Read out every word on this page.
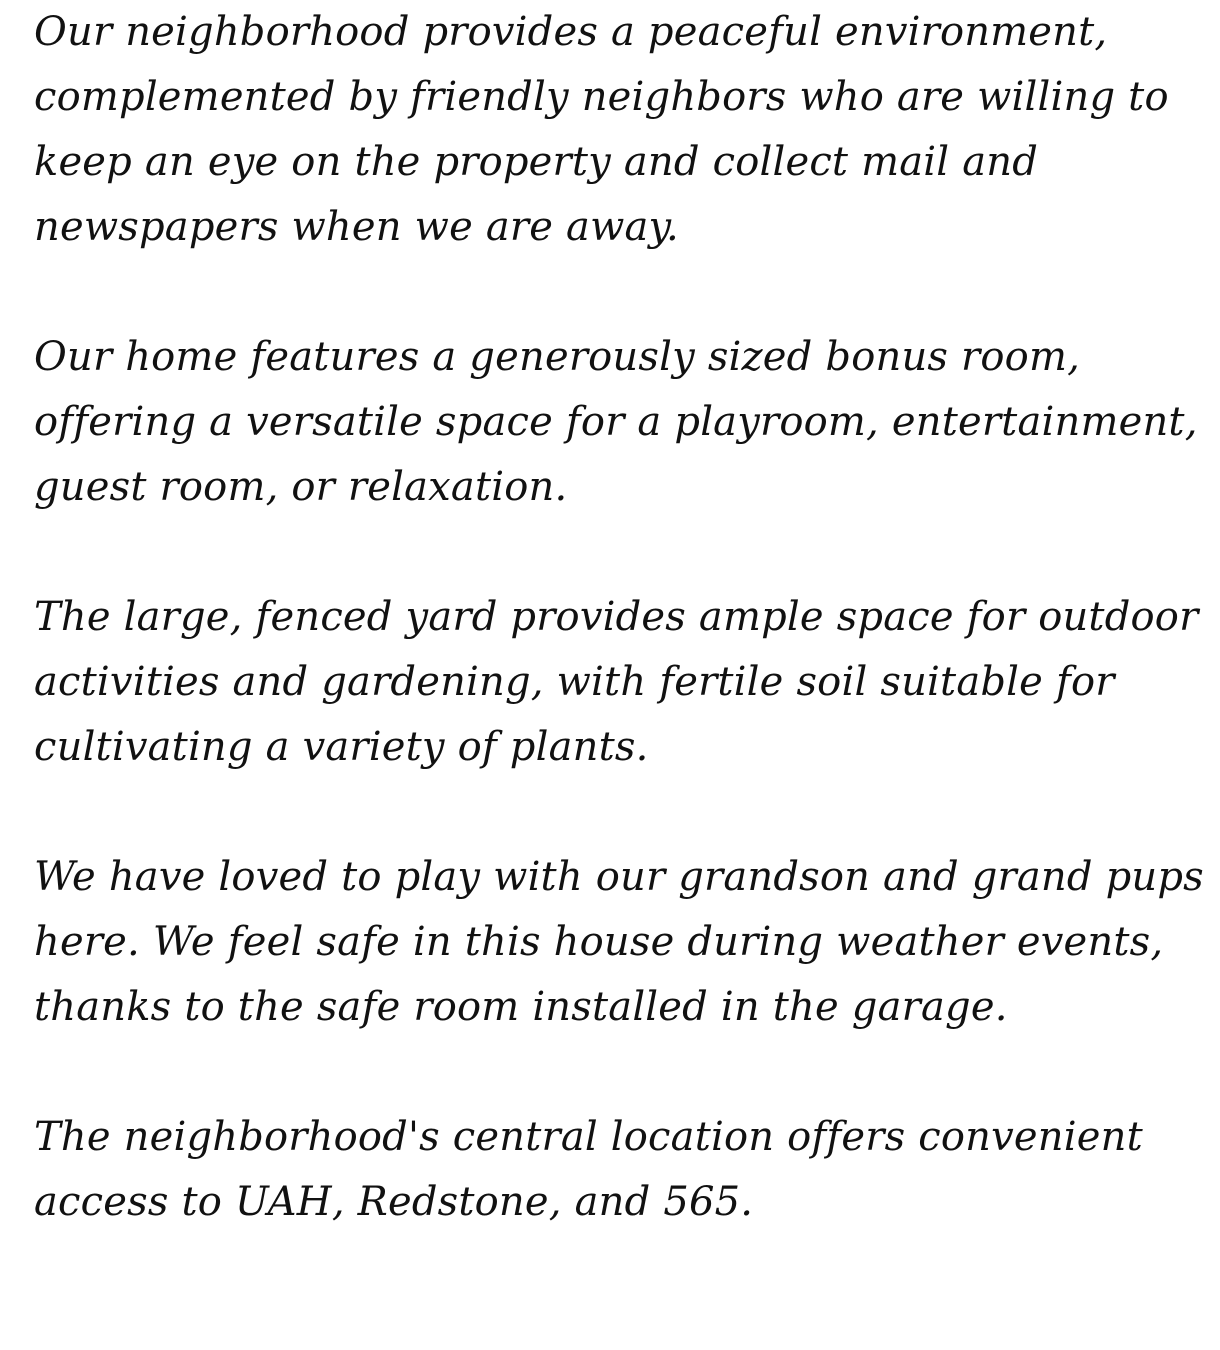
Our neighborhood provides a peaceful environment, complemented by friendly neighbors who are willing to keep an eye on the property and collect mail and newspapers when we are away.

Our home features a generously sized bonus room, offering a versatile space for a playroom, entertainment, guest room, or relaxation.

The large, fenced yard provides ample space for outdoor activities and gardening, with fertile soil suitable for cultivating a variety of plants.

We have loved to play with our grandson and grand pups here. We feel safe in this house during weather events, thanks to the safe room installed in the garage.

The neighborhood's central location offers convenient access to UAH, Redstone, and 565.
